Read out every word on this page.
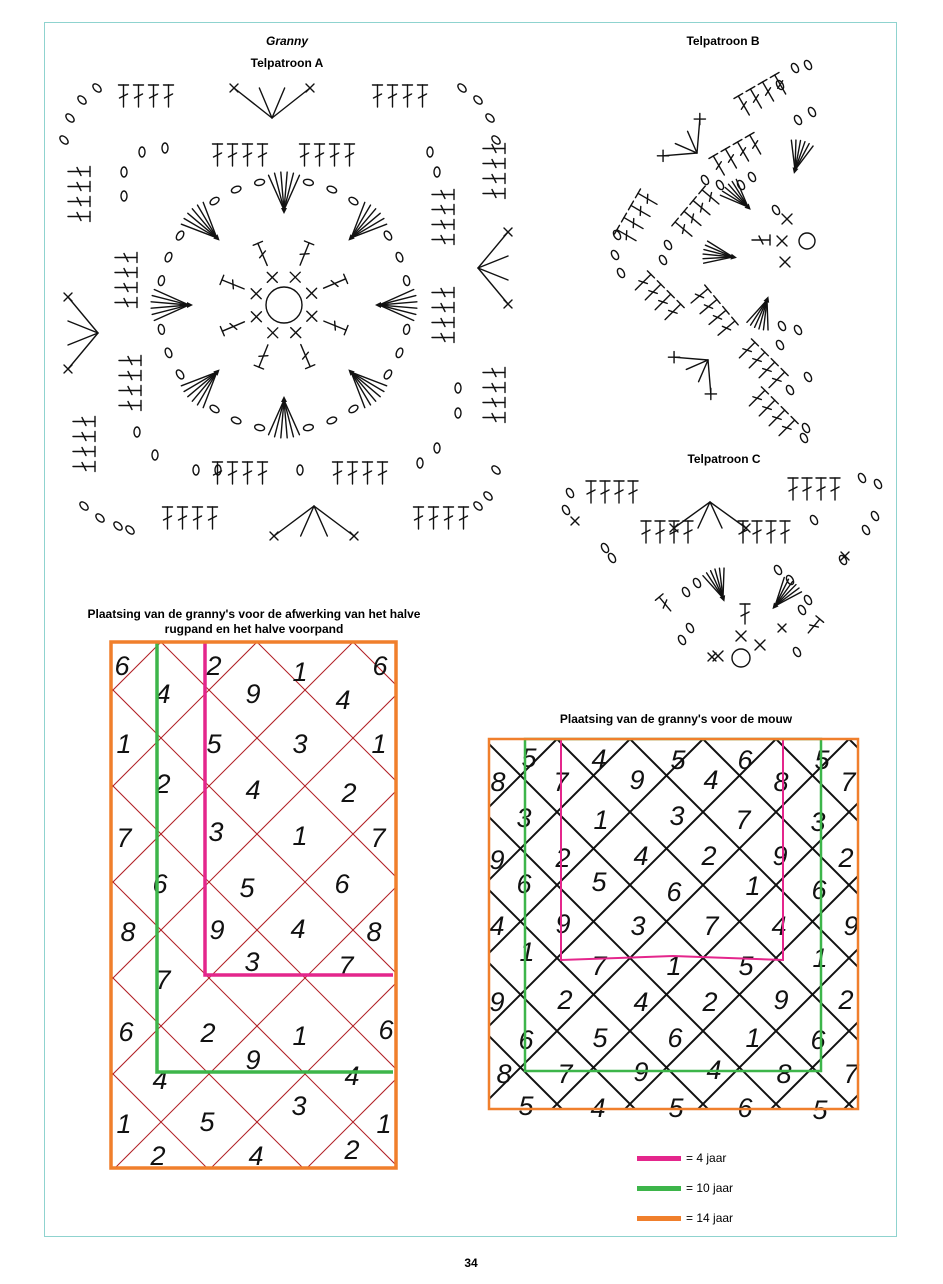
Granny
Telpatroon A
Telpatroon B
Telpatroon C
Plaatsing van de granny's voor de afwerking van het halve
rugpand en het halve voorpand
Plaatsing van de granny's voor de mouw
6	2	1 6
4	9	4
1	5	3 1
2	4	2
7	3	1 7
6	5	6
8	9 4 8
3	7
7
6 2	1	6
9
4	4
3
1	5	1
2	4	2
5 4 5 6 5
8 7 9 4 8 7
3 1 3 7 3
9 2 4 2 9 2
6 5 6 1 6
4 9 3 7 4 9
1 7 1 5 1
9 2 4 2 9 2
6 5 6 1 6
8 7 9 4 8 7
5 4 5 6 5
= 4 jaar
= 10 jaar
= 14 jaar
34
